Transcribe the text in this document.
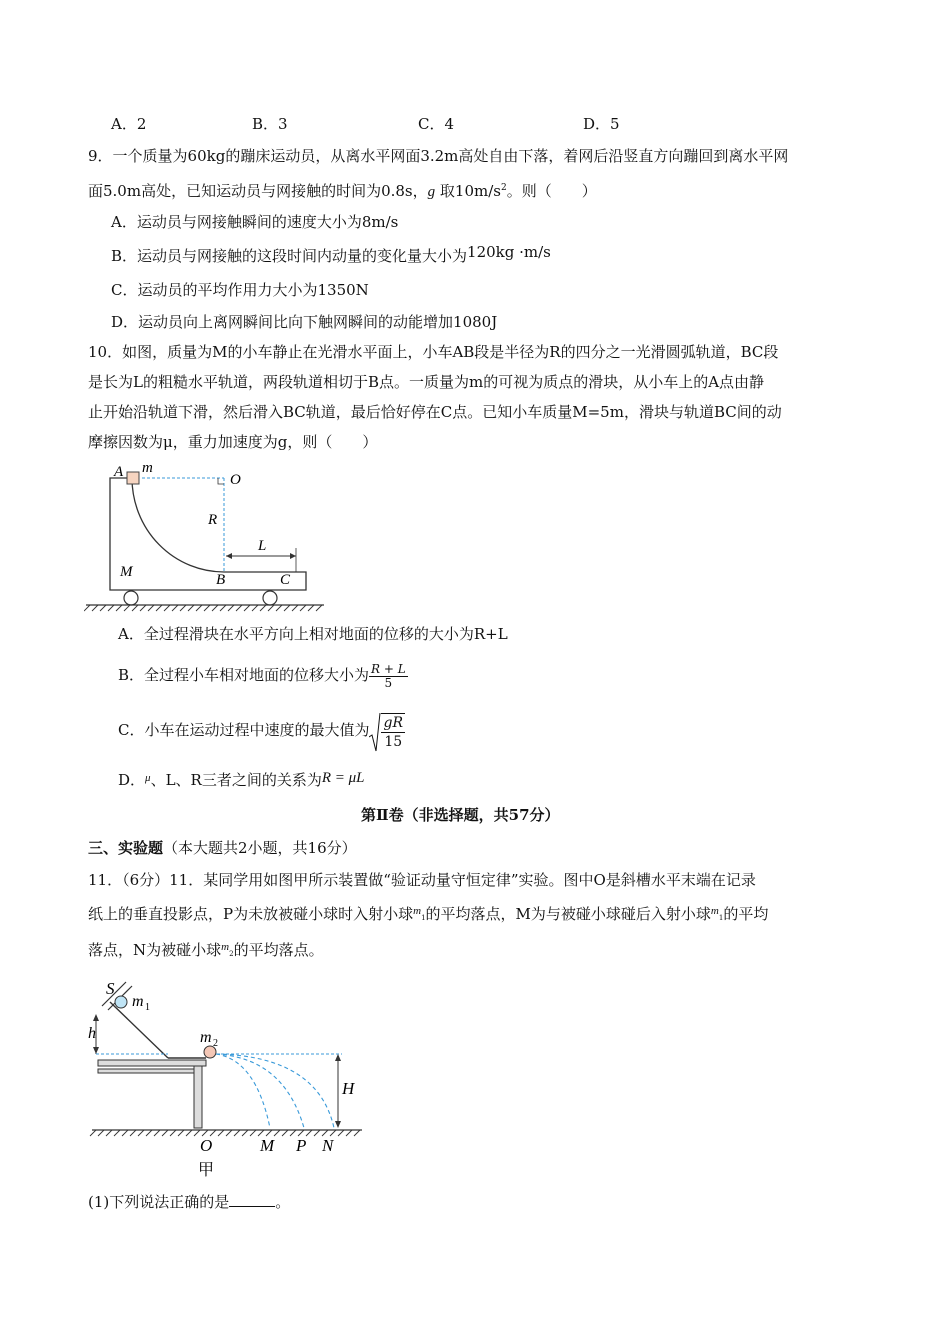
A．2	B．3	C．4	D．5
9．一个质量为60kg的蹦床运动员，从离水平网面3.2m高处自由下落，着网后沿竖直方向蹦回到离水平网
面5.0m高处，已知运动员与网接触的时间为0.8s，g 取$10m/s^2$。则（　　）
A．运动员与网接触瞬间的速度大小为8m/s
B．运动员与网接触的这段时间内动量的变化量大小为120kg ·m/s
C．运动员的平均作用力大小为1350N
D．运动员向上离网瞬间比向下触网瞬间的动能增加1080J
10．如图，质量为M的小车静止在光滑水平面上，小车AB段是半径为R的四分之一光滑圆弧轨道，BC段
是长为L的粗糙水平轨道，两段轨道相切于B点。一质量为m的可视为质点的滑块，从小车上的A点由静
止开始沿轨道下滑，然后滑入BC轨道，最后恰好停在C点。已知小车质量M=5m，滑块与轨道BC间的动
摩擦因数为μ，重力加速度为g，则（　　）
A m
O
R
L
M	B	C
A．全过程滑块在水平方向上相对地面的位移的大小为R+L
B．全过程小车相对地面的位移大小为 $\frac{R + L}{5}$
C．小车在运动过程中速度的最大值为 $\frac{gR}{15}$
D．$^\mu$、L、R三者之间的关系为R = μL
第Ⅱ卷（非选择题，共57分）
三、实验题（本大题共2小题，共16分）
11．（6分）11．某同学用如图甲所示装置做“验证动量守恒定律”实验。图中O是斜槽水平末端在记录
纸上的垂直投影点，P为未放被碰小球时入射小球$^m_1$的平均落点，M为与被碰小球碰后入射小球$^m_1$的平均
落点，N为被碰小球$^m_2$的平均落点。
S
m 1
h	m 2
H
O	M P N
甲
(1)下列说法正确的是	。
